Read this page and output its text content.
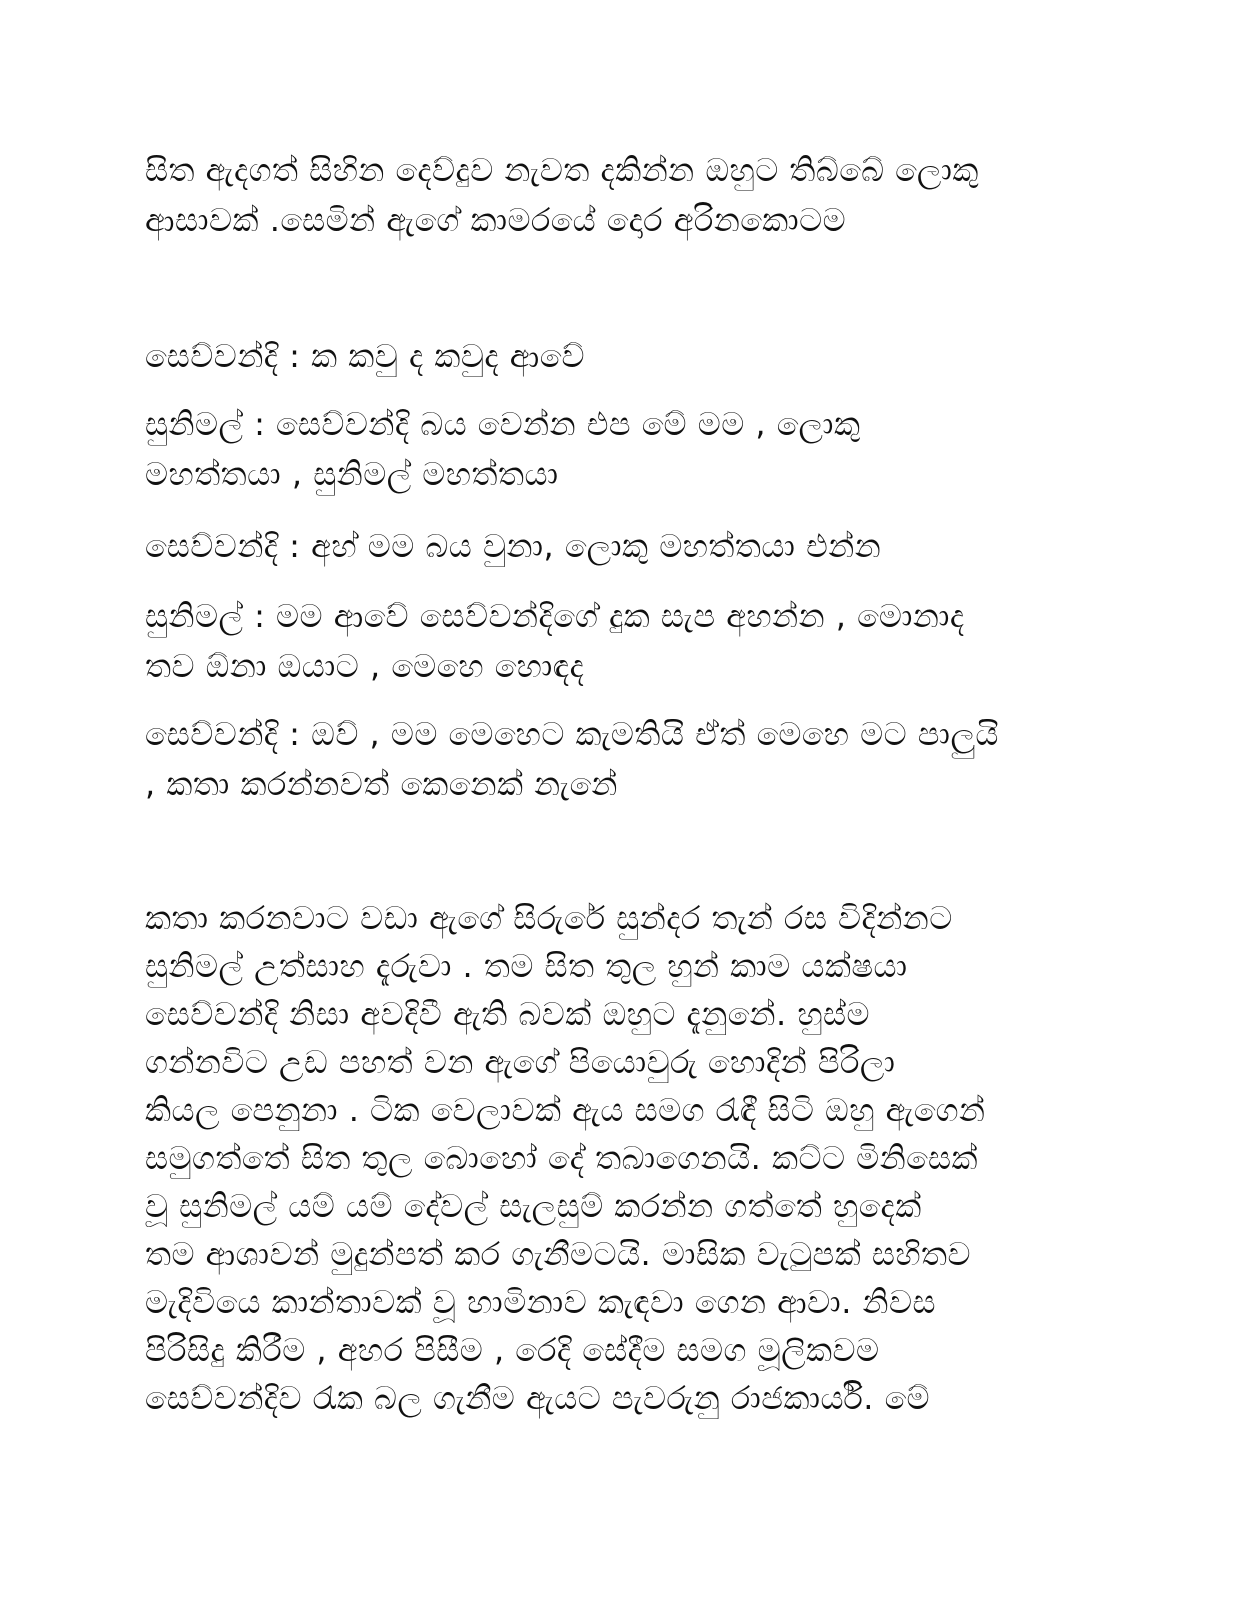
සිත ඇදගත් සිහින දෙව්දුව නැවත දකින්න ඔහුට තිබ්බේ ලොකු
ආසාවක් .සෙමින් ඇගේ කාමරයේ දොර අරිනකොටම
සෙව්වන්දි : ක කවු ද කවුද ආවේ
සුනිමල් : සෙව්වන්දි බය වෙන්න එප මේ මම , ලොකු
මහත්තයා , සුනිමල් මහත්තයා
සෙව්වන්දි : අහ් මම බය වුනා, ලොකු මහත්තයා එන්න
සුනිමල් : මම ආවේ සෙව්වන්දිගේ දුක සැප අහන්න , මොනාද
තව ඕනා ඔයාට , මෙහෙ හොඳද
සෙව්වන්දි : ඔව් , මම මෙහෙට කැමතියි ඒත් මෙහෙ මට පාලුයි
, කතා කරන්නවත් කෙනෙක් නැනේ
කතා කරනවාට වඩා ඇගේ සිරුරේ සුන්දර තැන් රස විදින්නට
සුනිමල් උත්සාහ දැරුවා . තම සිත තුල හුන් කාම යක්ෂයා
සෙව්වන්දි නිසා අවදිවී ඇති බවක් ඔහුට දැනුනේ. හුස්ම
ගන්නවිට උඩ පහත් වන ඇගේ පියොවුරු හොදින් පිරිලා
කියල පෙනුනා . ටික වෙලාවක් ඇය සමග රැඳී සිටි ඔහු ඇගෙන්
සමුගත්තේ සිත තුල බොහෝ දේ තබාගෙනයි. කට්ට මිනිසෙක්
වූ සුනිමල් යම් යම් දේවල් සැලසුම් කරන්න ගත්තේ හුදෙක්
තම ආශාවන් මුදුන්පත් කර ගැනීමටයි. මාසික වැටුපක් සහිතව
මැදිවියෙ කාන්තාවක් වූ හාමිනාව කැඳවා ගෙන ආවා. නිවස
පිරිසිදු කිරීම , අහර පිසීම , රෙදි සේදීම සමග මූලිකවම
සෙව්වන්දිව රැක බල ගැනීම ඇයට පැවරුනු රාජකාර්යි. මේ
